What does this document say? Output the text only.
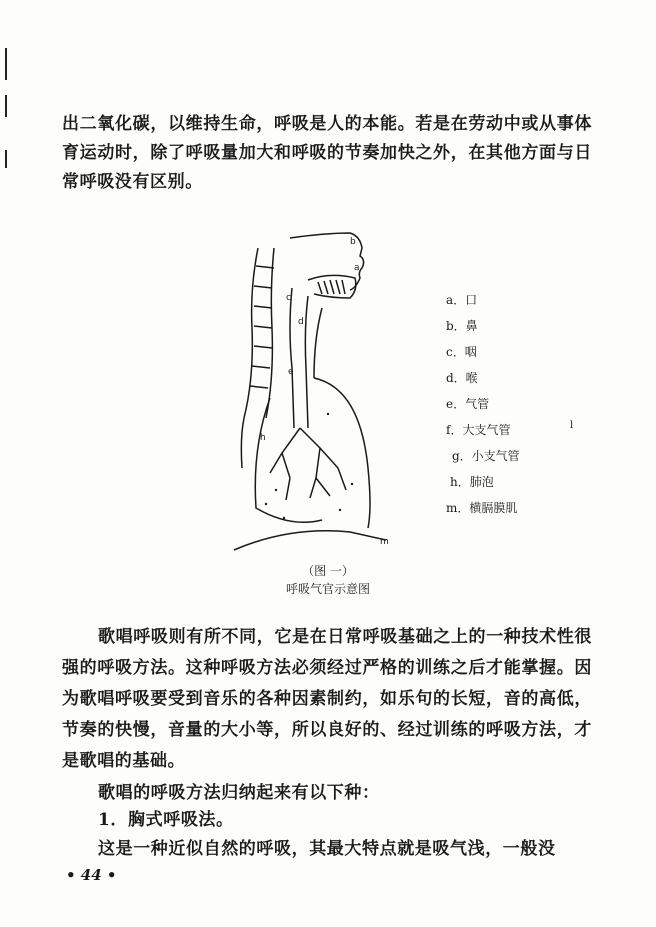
出二氧化碳，以维持生命，呼吸是人的本能。若是在劳动中或从事体育运动时，除了呼吸量加大和呼吸的节奏加快之外，在其他方面与日常呼吸没有区别。

b
a
c
d
e
h
m
a．口
b．鼻
c．咽
d．喉
e．气管
f．大支气管
g．小支气管
h．肺泡
m．横膈膜肌
l
（图 一）
呼吸气官示意图

歌唱呼吸则有所不同，它是在日常呼吸基础之上的一种技术性很强的呼吸方法。这种呼吸方法必须经过严格的训练之后才能掌握。因为歌唱呼吸要受到音乐的各种因素制约，如乐句的长短，音的高低，节奏的快慢，音量的大小等，所以良好的、经过训练的呼吸方法，才是歌唱的基础。

歌唱的呼吸方法归纳起来有以下种：

1．胸式呼吸法。

这是一种近似自然的呼吸，其最大特点就是吸气浅，一般没

• 44 •
